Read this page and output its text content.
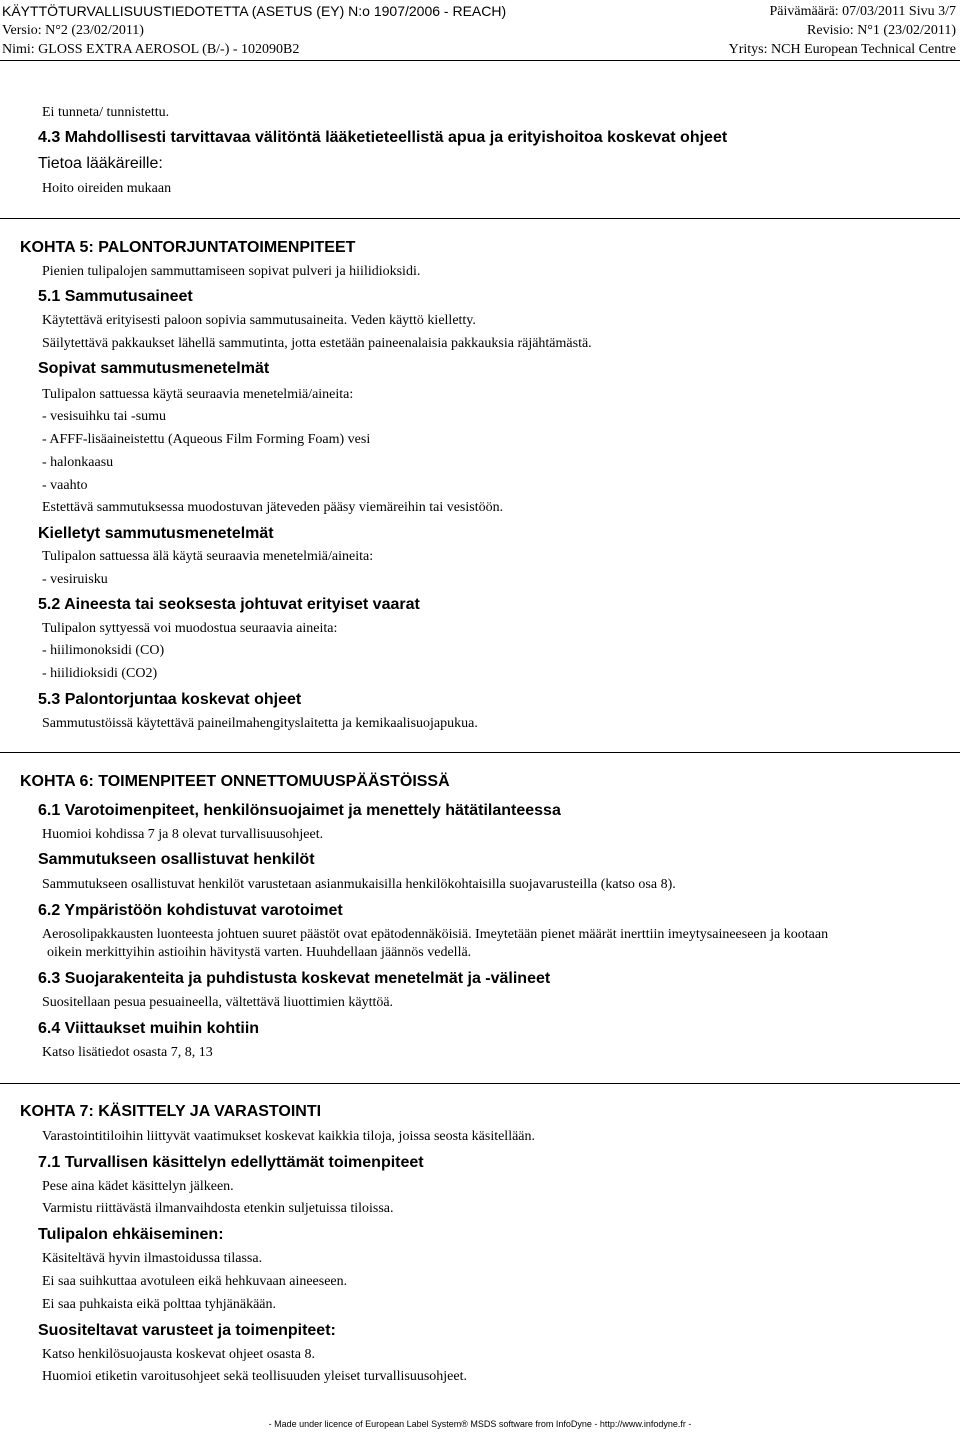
KÄYTTÖTURVALLISUUSTIEDOTETTA (ASETUS (EY) N:o 1907/2006 - REACH)	Päivämäärä: 07/03/2011 Sivu 3/7
Versio: N°2 (23/02/2011)	Revisio: N°1 (23/02/2011)
Nimi: GLOSS EXTRA AEROSOL (B/-) - 102090B2	Yritys: NCH European Technical Centre
Ei tunneta/ tunnistettu.
4.3 Mahdollisesti tarvittavaa välitöntä lääketieteellistä apua ja erityishoitoa koskevat ohjeet
Tietoa lääkäreille:
Hoito oireiden mukaan
KOHTA 5: PALONTORJUNTATOIMENPITEET
Pienien tulipalojen sammuttamiseen sopivat pulveri ja hiilidioksidi.
5.1 Sammutusaineet
Käytettävä erityisesti paloon sopivia sammutusaineita. Veden käyttö kielletty.
Säilytettävä pakkaukset lähellä sammutinta, jotta estetään paineenalaisia pakkauksia räjähtämästä.
Sopivat sammutusmenetelmät
Tulipalon sattuessa käytä seuraavia menetelmiä/aineita:
- vesisuihku tai -sumu
- AFFF-lisäaineistettu (Aqueous Film Forming Foam) vesi
- halonkaasu
- vaahto
Estettävä sammutuksessa muodostuvan jäteveden pääsy viemäreihin tai vesistöön.
Kielletyt sammutusmenetelmät
Tulipalon sattuessa älä käytä seuraavia menetelmiä/aineita:
- vesiruisku
5.2 Aineesta tai seoksesta johtuvat erityiset vaarat
Tulipalon syttyessä voi muodostua seuraavia aineita:
- hiilimonoksidi (CO)
- hiilidioksidi (CO2)
5.3 Palontorjuntaa koskevat ohjeet
Sammutustöissä käytettävä paineilmahengityslaitetta ja kemikaalisuojapukua.
KOHTA 6: TOIMENPITEET ONNETTOMUUSPÄÄSTÖISSÄ
6.1 Varotoimenpiteet, henkilönsuojaimet ja menettely hätätilanteessa
Huomioi kohdissa 7 ja 8 olevat turvallisuusohjeet.
Sammutukseen osallistuvat henkilöt
Sammutukseen osallistuvat henkilöt varustetaan asianmukaisilla henkilökohtaisilla suojavarusteilla (katso osa 8).
6.2 Ympäristöön kohdistuvat varotoimet
Aerosolipakkausten luonteesta johtuen suuret päästöt ovat epätodennäköisiä. Imeytetään pienet määrät inerttiin imeytysaineeseen ja kootaan
oikein merkittyihin astioihin hävitystä varten. Huuhdellaan jäännös vedellä.
6.3 Suojarakenteita ja puhdistusta koskevat menetelmät ja -välineet
Suositellaan pesua pesuaineella, vältettävä liuottimien käyttöä.
6.4 Viittaukset muihin kohtiin
Katso lisätiedot osasta 7, 8, 13
KOHTA 7: KÄSITTELY JA VARASTOINTI
Varastointitiloihin liittyvät vaatimukset koskevat kaikkia tiloja, joissa seosta käsitellään.
7.1 Turvallisen käsittelyn edellyttämät toimenpiteet
Pese aina kädet käsittelyn jälkeen.
Varmistu riittävästä ilmanvaihdosta etenkin suljetuissa tiloissa.
Tulipalon ehkäiseminen:
Käsiteltävä hyvin ilmastoidussa tilassa.
Ei saa suihkuttaa avotuleen eikä hehkuvaan aineeseen.
Ei saa puhkaista eikä polttaa tyhjänäkään.
Suositeltavat varusteet ja toimenpiteet:
Katso henkilösuojausta koskevat ohjeet osasta 8.
Huomioi etiketin varoitusohjeet sekä teollisuuden yleiset turvallisuusohjeet.
- Made under licence of European Label System® MSDS software from InfoDyne - http://www.infodyne.fr -
